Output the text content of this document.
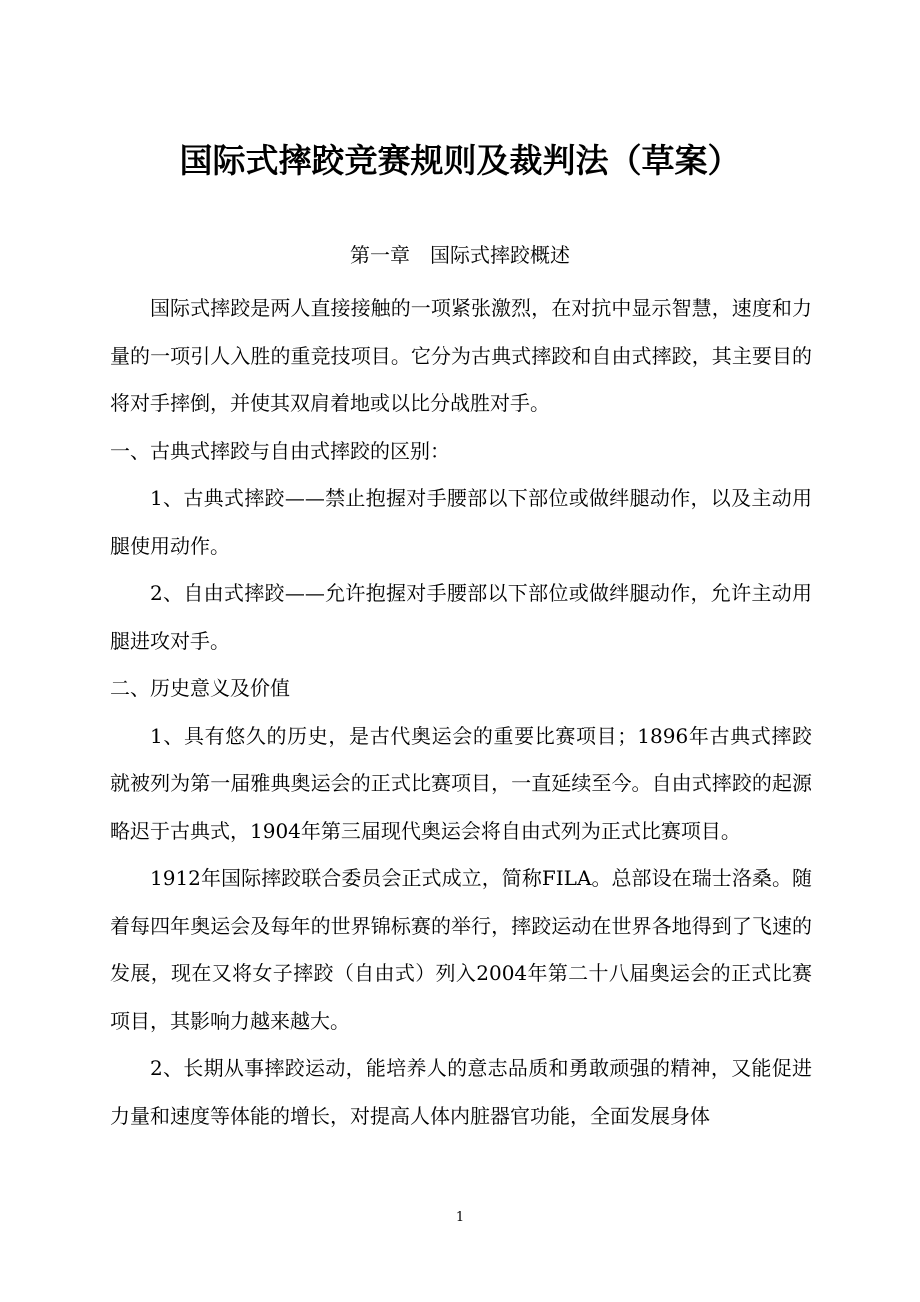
国际式摔跤竞赛规则及裁判法（草案）
第一章　国际式摔跤概述

国际式摔跤是两人直接接触的一项紧张激烈，在对抗中显示智慧，速度和力量的一项引人入胜的重竞技项目。它分为古典式摔跤和自由式摔跤，其主要目的将对手摔倒，并使其双肩着地或以比分战胜对手。

一、古典式摔跤与自由式摔跤的区别：

1、古典式摔跤——禁止抱握对手腰部以下部位或做绊腿动作，以及主动用腿使用动作。

2、自由式摔跤——允许抱握对手腰部以下部位或做绊腿动作，允许主动用腿进攻对手。

二、历史意义及价值

1、具有悠久的历史，是古代奥运会的重要比赛项目；1896年古典式摔跤就被列为第一届雅典奥运会的正式比赛项目，一直延续至今。自由式摔跤的起源略迟于古典式，1904年第三届现代奥运会将自由式列为正式比赛项目。

1912年国际摔跤联合委员会正式成立，简称FILA。总部设在瑞士洛桑。随着每四年奥运会及每年的世界锦标赛的举行，摔跤运动在世界各地得到了飞速的发展，现在又将女子摔跤（自由式）列入2004年第二十八届奥运会的正式比赛项目，其影响力越来越大。

2、长期从事摔跤运动，能培养人的意志品质和勇敢顽强的精神，又能促进力量和速度等体能的增长，对提高人体内脏器官功能，全面发展身体

1
